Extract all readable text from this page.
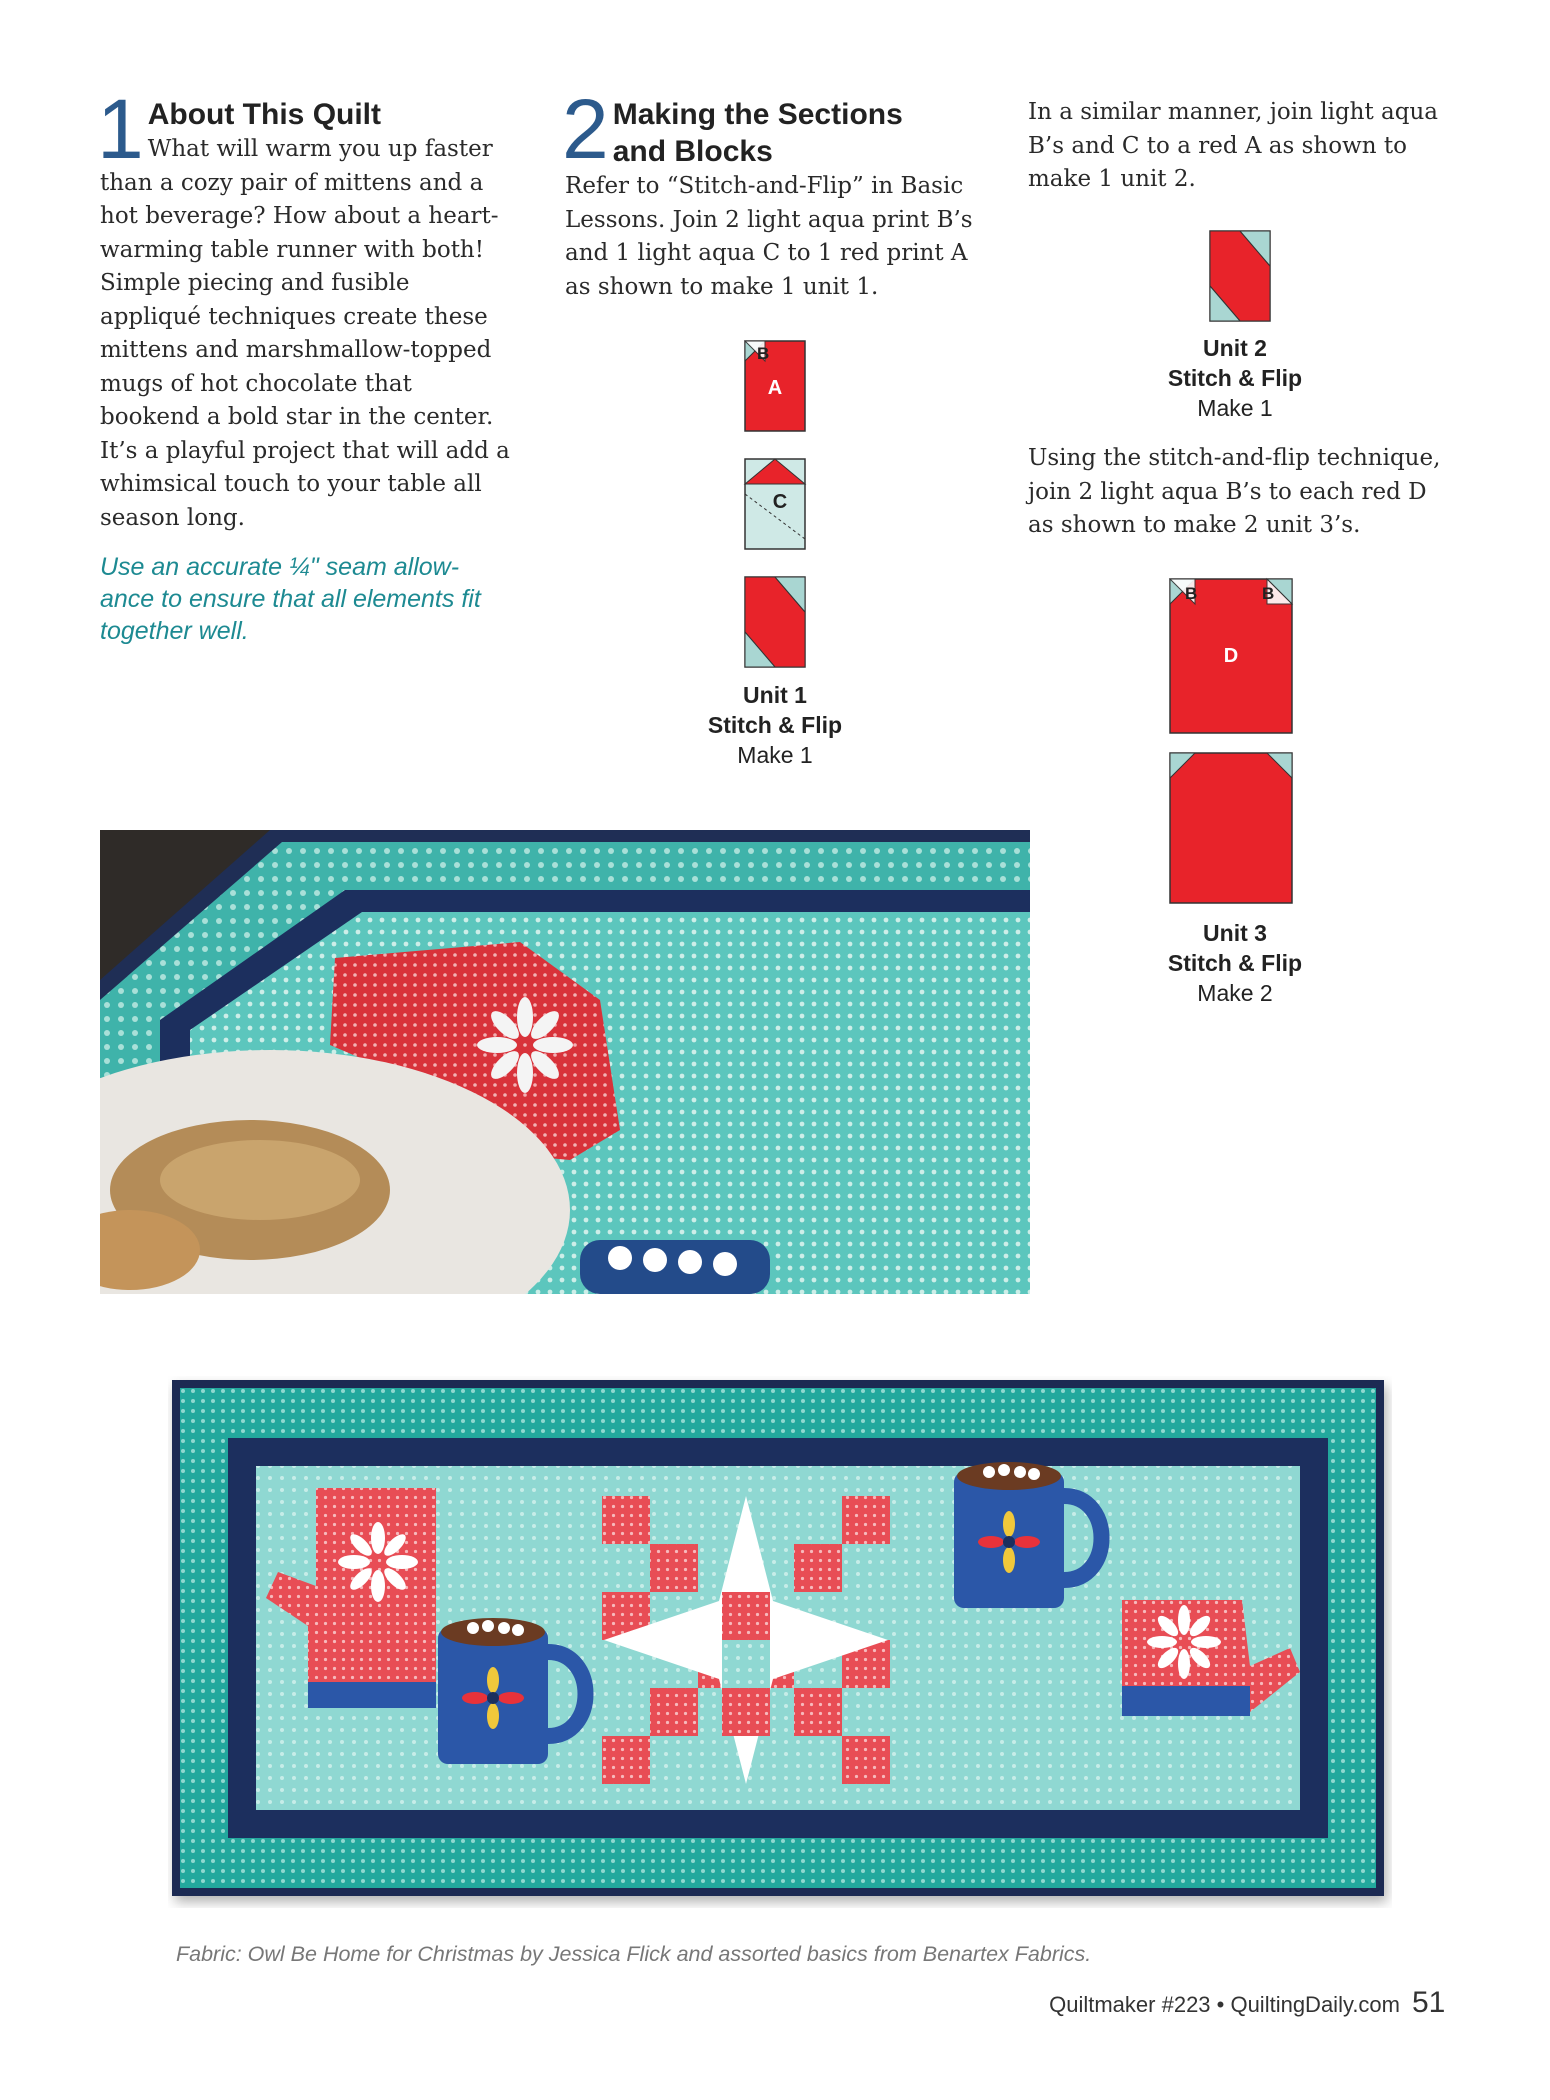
1 About This Quilt
What will warm you up faster than a cozy pair of mittens and a hot beverage? How about a heart-warming table runner with both! Simple piecing and fusible appliqué techniques create these mittens and marshmallow-topped mugs of hot chocolate that bookend a bold star in the center. It’s a playful project that will add a whimsical touch to your table all season long.
Use an accurate ¼" seam allow-ance to ensure that all elements fit together well.
2 Making the Sections and Blocks
Refer to “Stitch-and-Flip” in Basic Lessons. Join 2 light aqua print B’s and 1 light aqua C to 1 red print A as shown to make 1 unit 1.
B
A
C
Unit 1
Stitch & Flip
Make 1
In a similar manner, join light aqua B’s and C to a red A as shown to make 1 unit 2.
Unit 2
Stitch & Flip
Make 1
Using the stitch-and-flip technique, join 2 light aqua B’s to each red D as shown to make 2 unit 3’s.
B	B
D
Unit 3
Stitch & Flip
Make 2
Fabric: Owl Be Home for Christmas by Jessica Flick and assorted basics from Benartex Fabrics.
Quiltmaker #223 • QuiltingDaily.com 51
